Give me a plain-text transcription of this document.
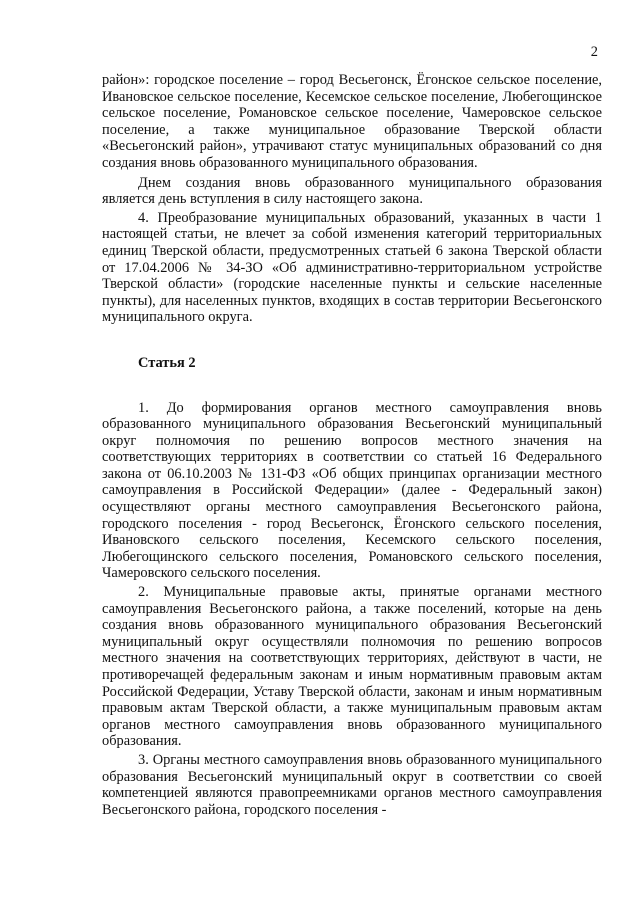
2

район»: городское поселение – город Весьегонск, Ёгонское сельское поселение, Ивановское сельское поселение, Кесемское сельское поселение, Любегощинское сельское поселение, Романовское сельское поселение, Чамеровское сельское поселение, а также муниципальное образование Тверской области «Весьегонский район», утрачивают статус муниципальных образований со дня создания вновь образованного муниципального образования.

Днем создания вновь образованного муниципального образования является день вступления в силу настоящего закона.

4. Преобразование муниципальных образований, указанных в части 1 настоящей статьи, не влечет за собой изменения категорий территориальных единиц Тверской области, предусмотренных статьей 6 закона Тверской области от 17.04.2006 № 34-ЗО «Об административно-территориальном устройстве Тверской области» (городские населенные пункты и сельские населенные пункты), для населенных пунктов, входящих в состав территории Весьегонского муниципального округа.

Статья 2

1. До формирования органов местного самоуправления вновь образованного муниципального образования Весьегонский муниципальный округ полномочия по решению вопросов местного значения на соответствующих территориях в соответствии со статьей 16 Федерального закона от 06.10.2003 № 131-ФЗ «Об общих принципах организации местного самоуправления в Российской Федерации» (далее - Федеральный закон) осуществляют органы местного самоуправления Весьегонского района, городского поселения - город Весьегонск, Ёгонского сельского поселения, Ивановского сельского поселения, Кесемского сельского поселения, Любегощинского сельского поселения, Романовского сельского поселения, Чамеровского сельского поселения.

2. Муниципальные правовые акты, принятые органами местного самоуправления Весьегонского района, а также поселений, которые на день создания вновь образованного муниципального образования Весьегонский муниципальный округ осуществляли полномочия по решению вопросов местного значения на соответствующих территориях, действуют в части, не противоречащей федеральным законам и иным нормативным правовым актам Российской Федерации, Уставу Тверской области, законам и иным нормативным правовым актам Тверской области, а также муниципальным правовым актам органов местного самоуправления вновь образованного муниципального образования.

3. Органы местного самоуправления вновь образованного муниципального образования Весьегонский муниципальный округ в соответствии со своей компетенцией являются правопреемниками органов местного самоуправления Весьегонского района, городского поселения -
